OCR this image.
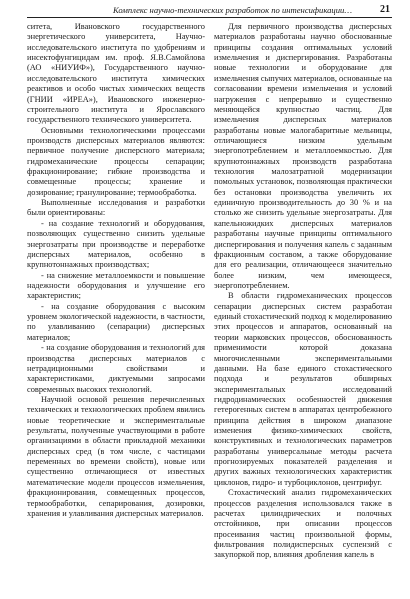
Комплекс научно-технических разработок по интенсификации…	21

ситета, Ивановского государственного энергетического университета, Научно-исследовательского института по удобрениям и инсектофунгицидам им. проф. Я.В.Самойлова (АО «НИУИФ»), Государственного научно-исследовательского института химических реактивов и особо чистых химических веществ (ГНИИ «ИРЕА»), Ивановского инженерно-строительного института и Ярославского государственного технического университета.

Основными технологическими процессами производств дисперсных материалов являются: первичное получение дисперсного материала; гидромеханические процессы сепарации; фракционирование; гибкие производства и совмещенные процессы; хранение и дозирование; гранулирование; термообработка.

Выполненные исследования и разработки были ориентированы:

- на создание технологий и оборудования, позволяющих существенно снизить удельные энергозатраты при производстве и переработке дисперсных материалов, особенно в крупнотоннажных производствах;

- на снижение металлоемкости и повышение надежности оборудования и улучшение его характеристик;

- на создание оборудования с высоким уровнем экологической надежности, в частности, по улавливанию (сепарации) дисперсных материалов;

- на создание оборудования и технологий для производства дисперсных материалов с нетрадиционными свойствами и характеристиками, диктуемыми запросами современных высоких технологий.

Научной основой решения перечисленных технических и технологических проблем явились новые теоретические и экспериментальные результаты, полученные участвующими в работе организациями в области прикладной механики дисперсных сред (в том числе, с частицами переменных во времени свойств), новые или существенно отличающиеся от известных математические модели процессов измельчения, фракционирования, совмещенных процессов, термообработки, сепарирования, дозировки, хранения и улавливания дисперсных материалов.

Для первичного производства дисперсных материалов разработаны научно обоснованные принципы создания оптимальных условий измельчения и диспергирования. Разработаны новые технологии и оборудование для измельчения сыпучих материалов, основанные на согласовании времени измельчения и условий нагружения с непрерывно и существенно меняющейся крупностью частиц. Для измельчения дисперсных материалов разработаны новые малогабаритные мельницы, отличающиеся низким удельным энергопотреблением и металлоемкостью. Для крупнотоннажных производств разработана технология малозатратной модернизации помольных установок, позволяющая практически без остановки производства увеличить их единичную производительность до 30 % и на столько же снизить удельные энергозатраты. Для капельножидких дисперсных материалов разработаны научные принципы оптимального диспергирования и получения капель с заданным фракционным составом, а также оборудование для его реализации, отличающееся значительно более низким, чем имеющееся, энергопотреблением.

В области гидромеханических процессов сепарации дисперсных систем разработан единый стохастический подход к моделированию этих процессов и аппаратов, основанный на теории марковских процессов, обоснованность применимости которой доказана многочисленными экспериментальными данными. На базе единого стохастического подхода и результатов обширных экспериментальных исследований гидродинамических особенностей движения гетерогенных систем в аппаратах центробежного принципа действия в широком диапазоне изменения физико-химических свойств, конструктивных и технологических параметров разработаны универсальные методы расчета прогнозируемых показателей разделения и других важных технологических характеристик циклонов, гидро- и турбоциклонов, центрифуг.

Стохастический анализ гидромеханических процессов разделения использовался также в расчетах цилиндрических и полочных отстойников, при описании процессов просеивания частиц произвольной формы, фильтрования полидисперсных суспензий с закупоркой пор, влияния дробления капель в
